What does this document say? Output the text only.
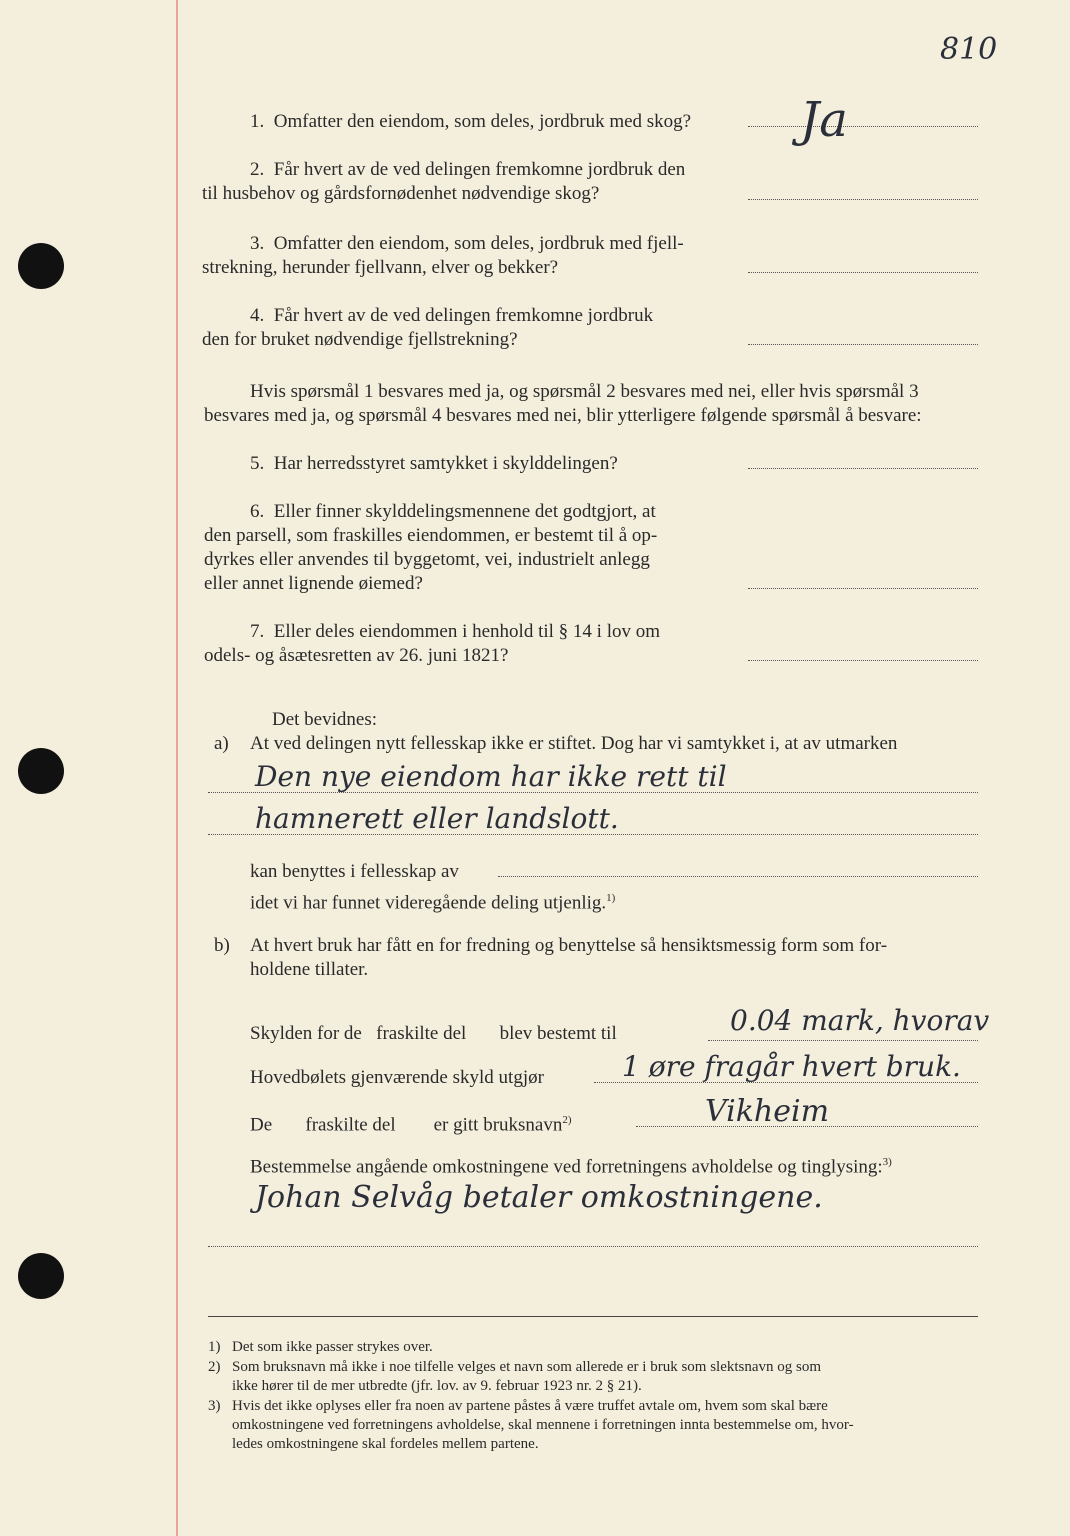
810
1. Omfatter den eiendom, som deles, jordbruk med skog? Ja
2. Får hvert av de ved delingen fremkomne jordbruk den
til husbehov og gårdsfornødenhet nødvendige skog?
3. Omfatter den eiendom, som deles, jordbruk med fjell-
strekning, herunder fjellvann, elver og bekker?
4. Får hvert av de ved delingen fremkomne jordbruk
den for bruket nødvendige fjellstrekning?
Hvis spørsmål 1 besvares med ja, og spørsmål 2 besvares med nei, eller hvis spørsmål 3
besvares med ja, og spørsmål 4 besvares med nei, blir ytterligere følgende spørsmål å besvare:
5. Har herredsstyret samtykket i skylddelingen?
6. Eller finner skylddelingsmennene det godtgjort, at
den parsell, som fraskilles eiendommen, er bestemt til å op-
dyrkes eller anvendes til byggetomt, vei, industrielt anlegg
eller annet lignende øiemed?
7. Eller deles eiendommen i henhold til § 14 i lov om
odels- og åsætesretten av 26. juni 1821?
Det bevidnes:
a) At ved delingen nytt fellesskap ikke er stiftet. Dog har vi samtykket i, at av utmarken
Den nye eiendom har ikke rett til
hamnerett eller landslott.
kan benyttes i fellesskap av
idet vi har funnet videregående deling utjenlig.$^{1)}$
b) At hvert bruk har fått en for fredning og benyttelse så hensiktsmessig form som for-
holdene tillater.
Skylden for de   fraskilte del       blev bestemt til	0.04 mark, hvorav
Hovedbølets gjenværende skyld utgjør	1 øre fragår hvert bruk.
De       fraskilte del        er gitt bruksnavn$^{2)}$	Vikheim
Bestemmelse angående omkostningene ved forretningens avholdelse og tinglysing:$^{3)}$
Johan Selvåg betaler omkostningene.
1) Det som ikke passer strykes over.
2) Som bruksnavn må ikke i noe tilfelle velges et navn som allerede er i bruk som slektsnavn og som
ikke hører til de mer utbredte (jfr. lov. av 9. februar 1923 nr. 2 § 21).
3) Hvis det ikke oplyses eller fra noen av partene påstes å være truffet avtale om, hvem som skal bære
omkostningene ved forretningens avholdelse, skal mennene i forretningen innta bestemmelse om, hvor-
ledes omkostningene skal fordeles mellem partene.
